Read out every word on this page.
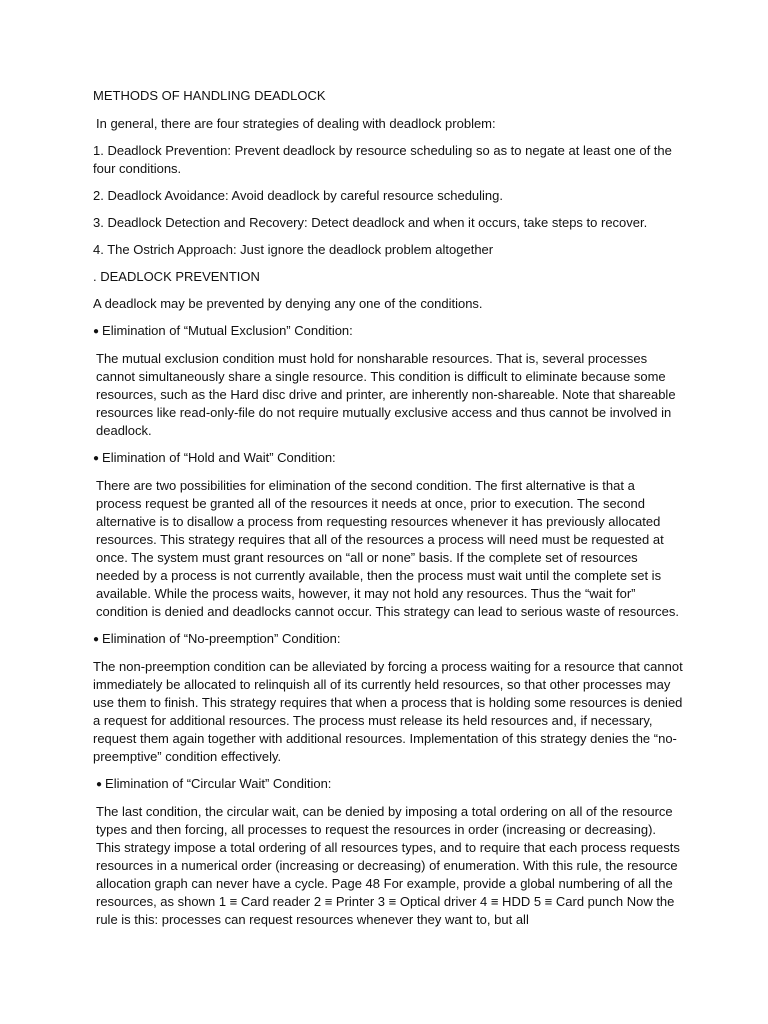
METHODS OF HANDLING DEADLOCK

In general, there are four strategies of dealing with deadlock problem:

1. Deadlock Prevention: Prevent deadlock by resource scheduling so as to negate at least one of the four conditions.

2. Deadlock Avoidance: Avoid deadlock by careful resource scheduling.

3. Deadlock Detection and Recovery: Detect deadlock and when it occurs, take steps to recover.

4. The Ostrich Approach: Just ignore the deadlock problem altogether

. DEADLOCK PREVENTION

A deadlock may be prevented by denying any one of the conditions.

● Elimination of “Mutual Exclusion” Condition:

The mutual exclusion condition must hold for nonsharable resources. That is, several processes cannot simultaneously share a single resource. This condition is difficult to eliminate because some resources, such as the Hard disc drive and printer, are inherently non-shareable. Note that shareable resources like read-only-file do not require mutually exclusive access and thus cannot be involved in deadlock.

● Elimination of “Hold and Wait” Condition:

There are two possibilities for elimination of the second condition. The first alternative is that a process request be granted all of the resources it needs at once, prior to execution. The second alternative is to disallow a process from requesting resources whenever it has previously allocated resources. This strategy requires that all of the resources a process will need must be requested at once. The system must grant resources on “all or none” basis. If the complete set of resources needed by a process is not currently available, then the process must wait until the complete set is available. While the process waits, however, it may not hold any resources. Thus the “wait for” condition is denied and deadlocks cannot occur. This strategy can lead to serious waste of resources.

● Elimination of “No-preemption” Condition:

The non-preemption condition can be alleviated by forcing a process waiting for a resource that cannot immediately be allocated to relinquish all of its currently held resources, so that other processes may use them to finish. This strategy requires that when a process that is holding some resources is denied a request for additional resources. The process must release its held resources and, if necessary, request them again together with additional resources. Implementation of this strategy denies the “no-preemptive” condition effectively.

● Elimination of “Circular Wait” Condition:

The last condition, the circular wait, can be denied by imposing a total ordering on all of the resource types and then forcing, all processes to request the resources in order (increasing or decreasing). This strategy impose a total ordering of all resources types, and to require that each process requests resources in a numerical order (increasing or decreasing) of enumeration. With this rule, the resource allocation graph can never have a cycle. Page 48 For example, provide a global numbering of all the resources, as shown 1 ≡ Card reader 2 ≡ Printer 3 ≡ Optical driver 4 ≡ HDD 5 ≡ Card punch Now the rule is this: processes can request resources whenever they want to, but all
